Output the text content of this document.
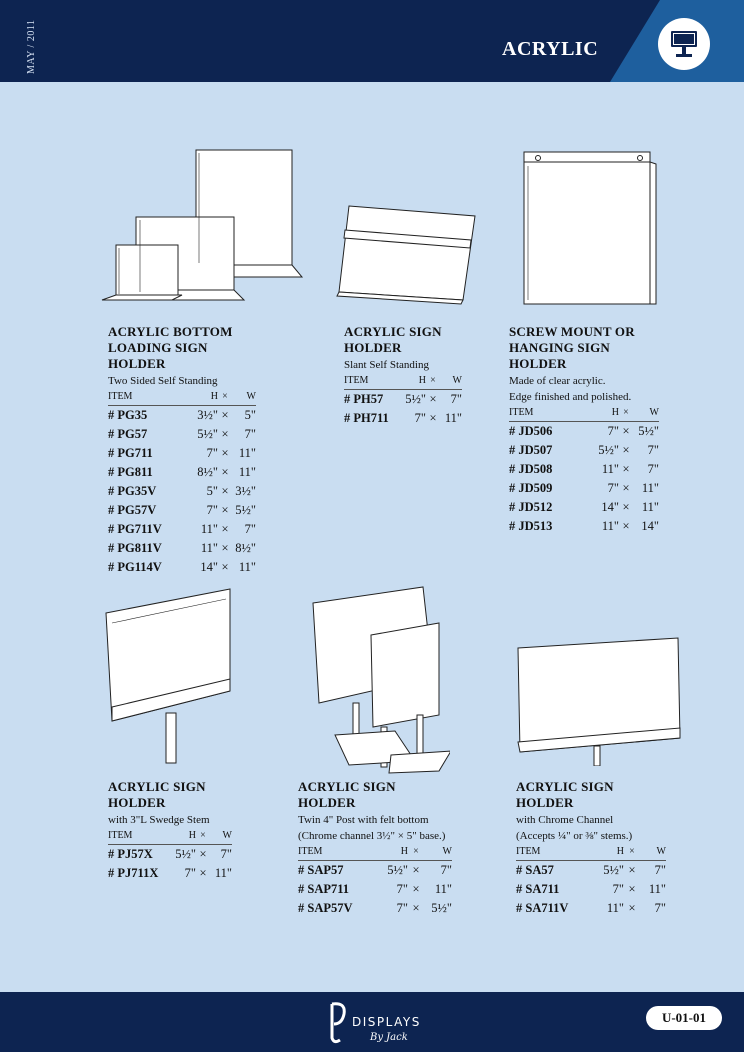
MAY / 2011	ACRYLIC
ACRYLIC BOTTOM
LOADING SIGN HOLDER
Two Sided Self Standing
ITEM	H ×	W
# PG35	3½" ×	5"
# PG57	5½" ×	7"
# PG711	7" × 11"
# PG811	8½" × 11"
# PG35V	5" × 3½"
# PG57V	7" × 5½"
# PG711V	11" ×	7"
# PG811V	11" × 8½"
# PG114V	14" × 11"
ACRYLIC SIGN
HOLDER
Slant Self Standing
ITEM	H ×	W
# PH57	5½" ×	7"
# PH711	7" × 11"
SCREW MOUNT OR
HANGING SIGN HOLDER
Made of clear acrylic.
Edge finished and polished.
ITEM	H ×	W
# JD506	7" × 5½"
# JD507	5½" ×	7"
# JD508	11" ×	7"
# JD509	7" × 11"
# JD512	14" × 11"
# JD513	11" × 14"
ACRYLIC SIGN
HOLDER
with 3"L Swedge Stem
ITEM	H ×	W
# PJ57X	5½" ×	7"
# PJ711X	7" × 11"
ACRYLIC SIGN HOLDER
Twin 4" Post with felt bottom
(Chrome channel 3½" × 5" base.)
ITEM	H ×	W
# SAP57	5½" ×	7"
# SAP711	7" ×	11"
# SAP57V	7" × 5½"
ACRYLIC SIGN HOLDER
with Chrome Channel
(Accepts ¼" or ⅜" stems.)
ITEM	H ×	W
# SA57	5½" ×	7"
# SA711	7" ×	11"
# SA711V	11" ×	7"
DISPLAYS
By Jack
U-01-01
